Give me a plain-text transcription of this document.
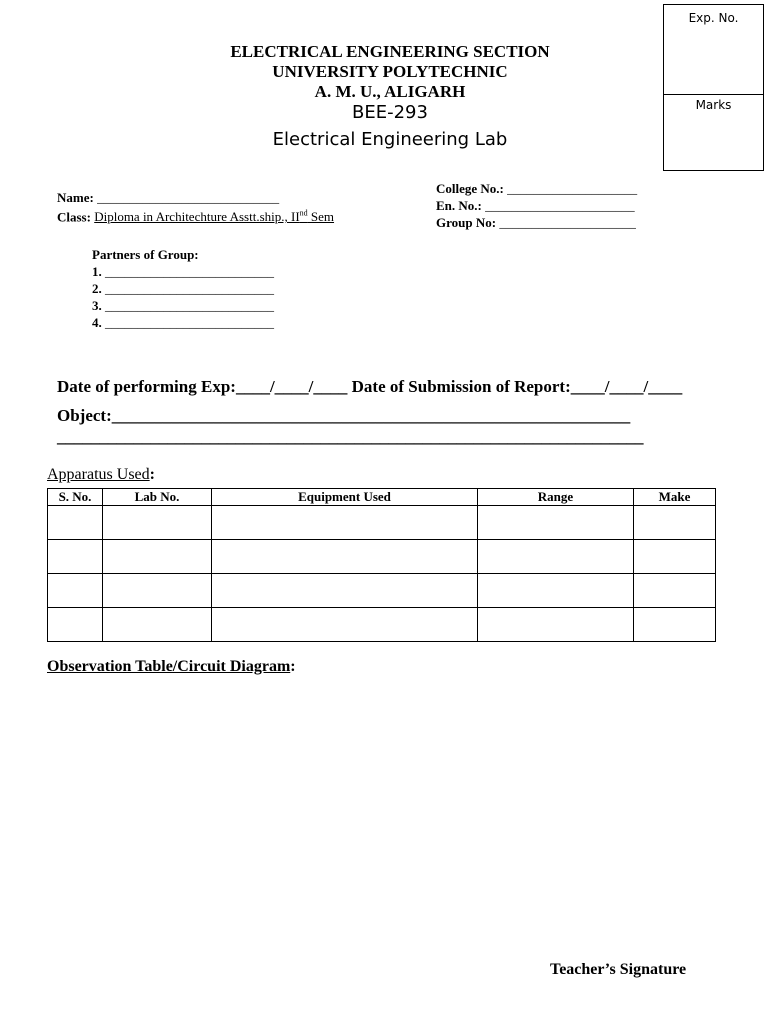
Exp. No.
Marks
ELECTRICAL ENGINEERING SECTION
UNIVERSITY POLYTECHNIC
A. M. U., ALIGARH
BEE-293
Electrical Engineering Lab
Name: ____________________________
Class: Diploma in Architechture Asstt.ship., IInd Sem
College No.: ____________________
En. No.: _______________________
Group No: _____________________
Partners of Group:
1. __________________________
2. __________________________
3. __________________________
4. __________________________
Date of performing Exp:____/____/____ Date of Submission of Report:____/____/____
Object:_____________________________________________________________
_____________________________________________________________________
Apparatus Used:
S. No.	Lab No.	Equipment Used	Range	Make

Observation Table/Circuit Diagram:
Teacher’s Signature
